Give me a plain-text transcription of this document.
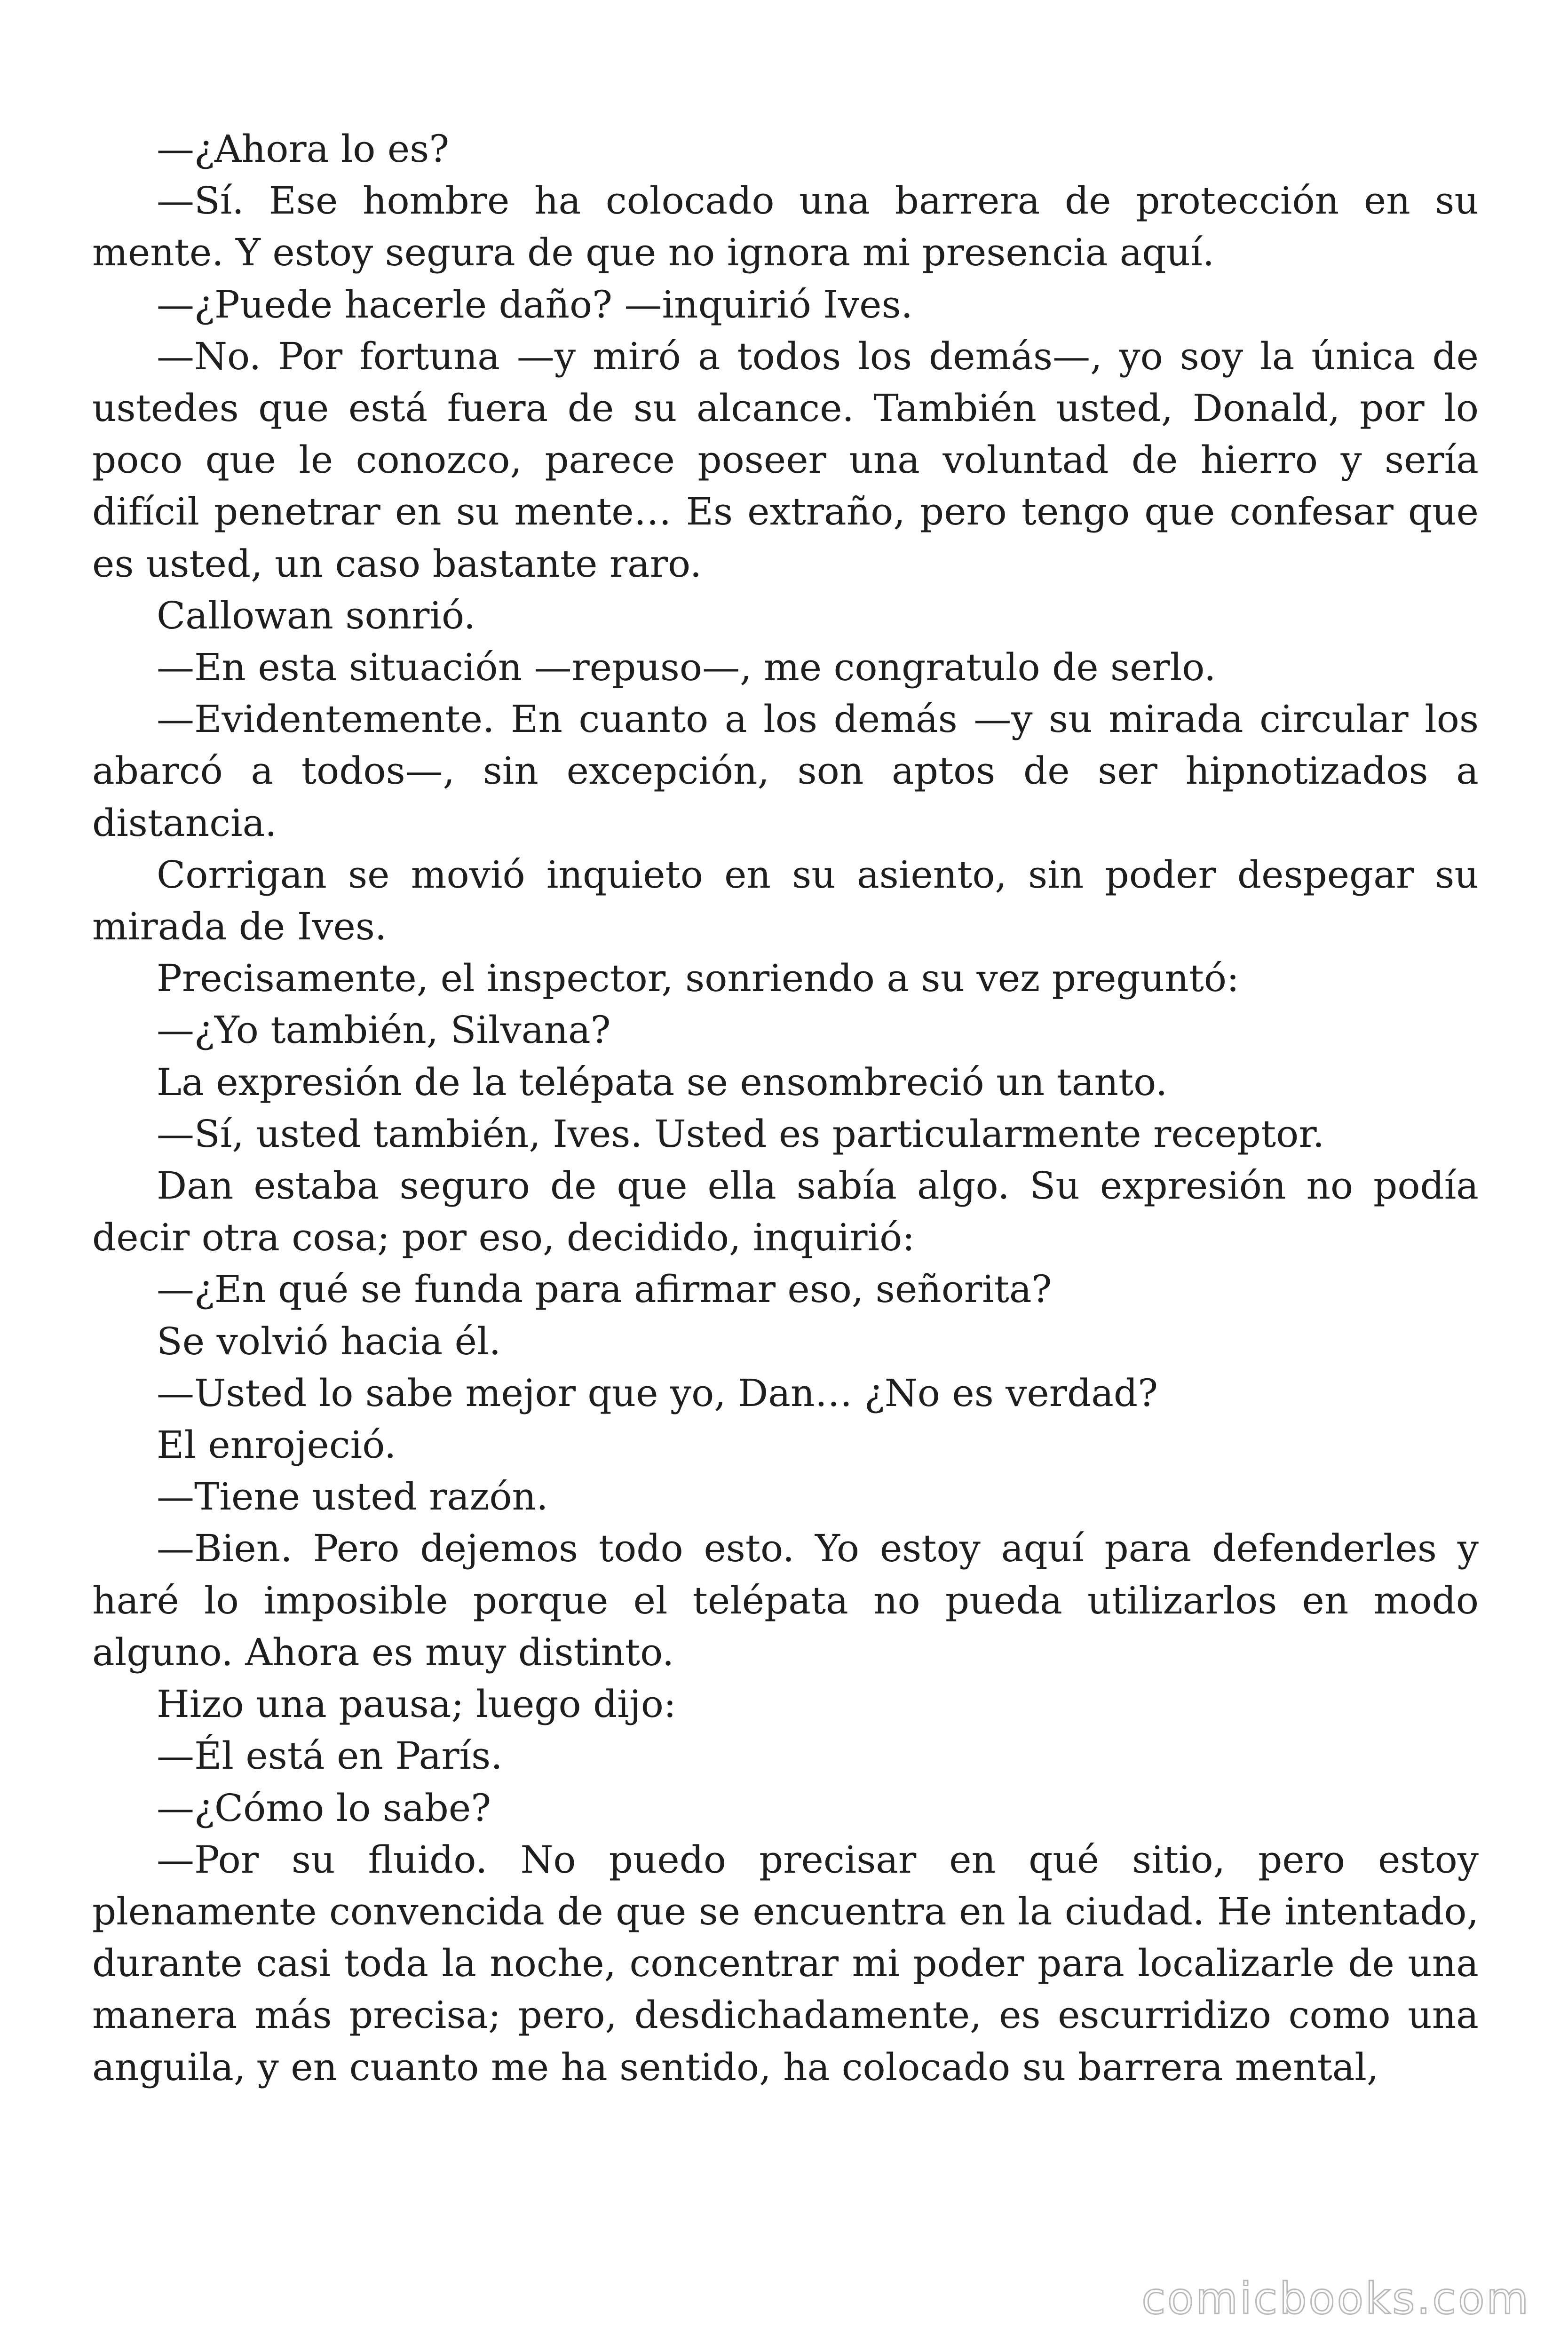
—¿Ahora lo es?

—Sí. Ese hombre ha colocado una barrera de protección en su mente. Y estoy segura de que no ignora mi presencia aquí.

—¿Puede hacerle daño? —inquirió Ives.

—No. Por fortuna —y miró a todos los demás—, yo soy la única de ustedes que está fuera de su alcance. También usted, Donald, por lo poco que le conozco, parece poseer una voluntad de hierro y sería difícil penetrar en su mente… Es extraño, pero tengo que confesar que es usted, un caso bastante raro.

Callowan sonrió.

—En esta situación —repuso—, me congratulo de serlo.

—Evidentemente. En cuanto a los demás —y su mirada circular los abarcó a todos—, sin excepción, son aptos de ser hipnotizados a distancia.

Corrigan se movió inquieto en su asiento, sin poder despegar su mirada de Ives.

Precisamente, el inspector, sonriendo a su vez preguntó:

—¿Yo también, Silvana?

La expresión de la telépata se ensombreció un tanto.

—Sí, usted también, Ives. Usted es particularmente receptor.

Dan estaba seguro de que ella sabía algo. Su expresión no podía decir otra cosa; por eso, decidido, inquirió:

—¿En qué se funda para afirmar eso, señorita?

Se volvió hacia él.

—Usted lo sabe mejor que yo, Dan… ¿No es verdad?

El enrojeció.

—Tiene usted razón.

—Bien. Pero dejemos todo esto. Yo estoy aquí para defenderles y haré lo imposible porque el telépata no pueda utilizarlos en modo alguno. Ahora es muy distinto.

Hizo una pausa; luego dijo:

—Él está en París.

—¿Cómo lo sabe?

—Por su fluido. No puedo precisar en qué sitio, pero estoy plenamente convencida de que se encuentra en la ciudad. He intentado, durante casi toda la noche, concentrar mi poder para localizarle de una manera más precisa; pero, desdichadamente, es escurridizo como una anguila, y en cuanto me ha sentido, ha colocado su barrera mental,

comicbooks.com
